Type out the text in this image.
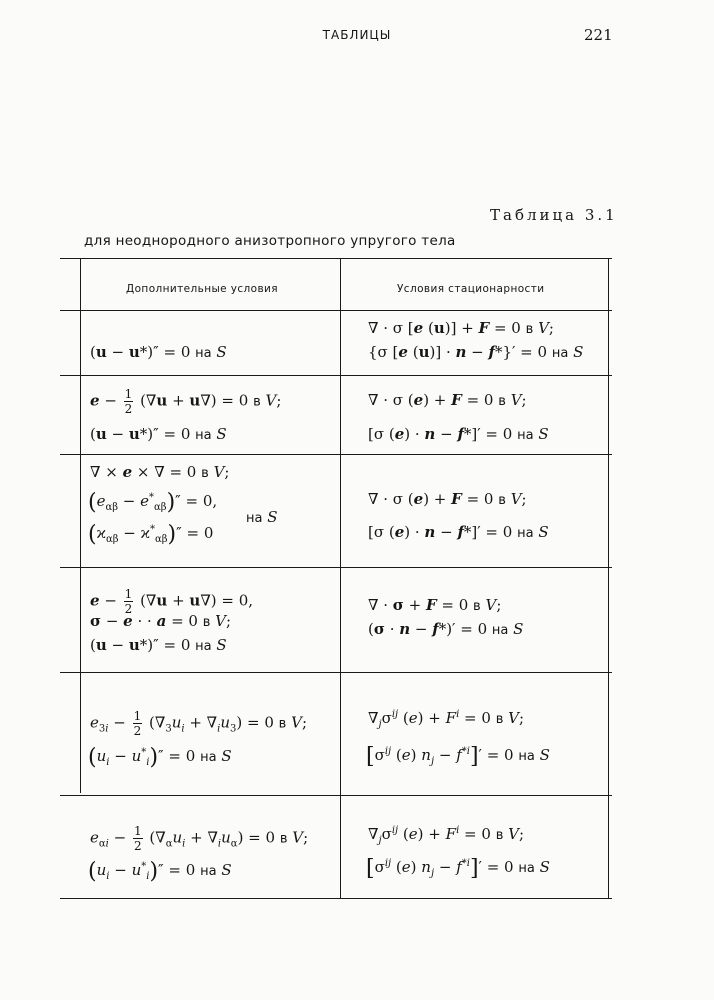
ТАБЛИЦЫ	221
Таблица 3.1
для неоднородного анизотропного упругого тела
Дополнительные условия	Условия стационарности
(u − u*)″ = 0 на S
∇ · σ [e (u)] + F = 0 в V;
{σ [e (u)] · n − f*}′ = 0 на S
$e - \frac{1}{2} (\nabla u + u\nabla) = 0$ в V;
(u − u*)″ = 0 на S
∇ · σ (e) + F = 0 в V;
[σ (e) · n − f*]′ = 0 на S
∇ × e × ∇ = 0 в V;
$(e_{\alpha\beta} - e^*_{\alpha\beta})'' = 0$,
$(ϰ_{\alpha\beta} - ϰ^*_{\alpha\beta})'' = 0$
на S
∇ · σ (e) + F = 0 в V;
[σ (e) · n − f*]′ = 0 на S
$e - \frac{1}{2} (\nabla u + u\nabla) = 0$,
σ − e · · a = 0 в V;
(u − u*)″ = 0 на S
∇ · σ + F = 0 в V;
(σ · n − f*)′ = 0 на S
$e_{3i} - \frac{1}{2} (\nabla_3u_i + \nabla_iu_3) = 0$ в V;
$(u_i - u^*_i)'' = 0$ на S
$\nabla_j\sigma^{ij}$ $(e) + F^i = 0$ в V;
[$\sigma^{ij}$ (e) $n_j - f^{*i}]' = 0$ на S
$e_{\alpha i} - \frac{1}{2} (\nabla_\alpha u_i + \nabla_iu_\alpha) = 0$ в V;
$(u_i - u^*_i)'' = 0$ на S
$\nabla_j\sigma^{ij}$ $(e) + F^i = 0$ в V;
[$\sigma^{ij}$ (e) $n_j - f^{*i}]' = 0$ на S
